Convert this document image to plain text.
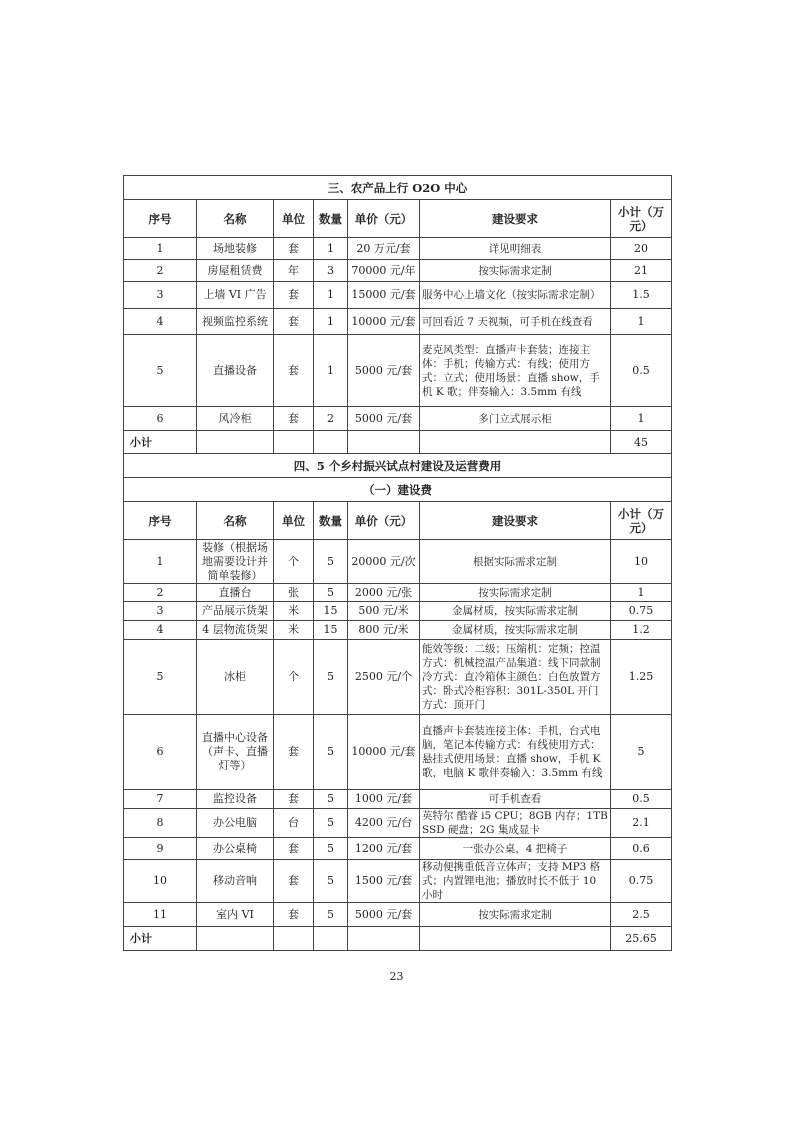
三、农产品上行 O2O 中心						
序号	名称	单位	数量	单价（元）	建设要求	小计（万元）
1	场地装修	套	1	20 万元/套	详见明细表	20
2	房屋租赁费	年	3	70000 元/年	按实际需求定制	21
3	上墙 VI 广告	套	1	15000 元/套	服务中心上墙文化（按实际需求定制）	1.5
4	视频监控系统	套	1	10000 元/套	可回看近 7 天视频，可手机在线查看	1
5	直播设备	套	1	5000 元/套	麦克风类型：直播声卡套装；连接主体：手机；传输方式：有线；使用方式：立式；使用场景：直播 show，手机 K 歌；伴奏输入：3.5mm 有线	0.5
6	风冷柜	套	2	5000 元/套	多门立式展示柜	1
小计						45
四、5 个乡村振兴试点村建设及运营费用						
（一）建设费						
序号	名称	单位	数量	单价（元）	建设要求	小计（万元）
1	装修（根据场地需要设计并简单装修）	个	5	20000 元/次	根据实际需求定制	10
2	直播台	张	5	2000 元/张	按实际需求定制	1
3	产品展示货架	米	15	500 元/米	金属材质，按实际需求定制	0.75
4	4 层物流货架	米	15	800 元/米	金属材质，按实际需求定制	1.2
5	冰柜	个	5	2500 元/个	能效等级：二级；压缩机：定频；控温方式：机械控温产品集道：线下同款制冷方式：直冷箱体主颜色：白色放置方式：卧式冷柜容积：301L-350L 开门方式：顶开门	1.25
6	直播中心设备（声卡、直播灯等）	套	5	10000 元/套	直播声卡套装连接主体：手机，台式电脑，笔记本传输方式：有线使用方式：悬挂式使用场景：直播 show，手机 K 歌，电脑 K 歌伴奏输入：3.5mm 有线	5
7	监控设备	套	5	1000 元/套	可手机查看	0.5
8	办公电脑	台	5	4200 元/台	英特尔 酷睿 i5 CPU；8GB 内存；1TB SSD 硬盘；2G 集成显卡	2.1
9	办公桌椅	套	5	1200 元/套	一张办公桌，4 把椅子	0.6
10	移动音响	套	5	1500 元/套	移动便携重低音立体声；支持 MP3 格式；内置锂电池；播放时长不低于 10 小时	0.75
11	室内 VI	套	5	5000 元/套	按实际需求定制	2.5
小计						25.65
23
